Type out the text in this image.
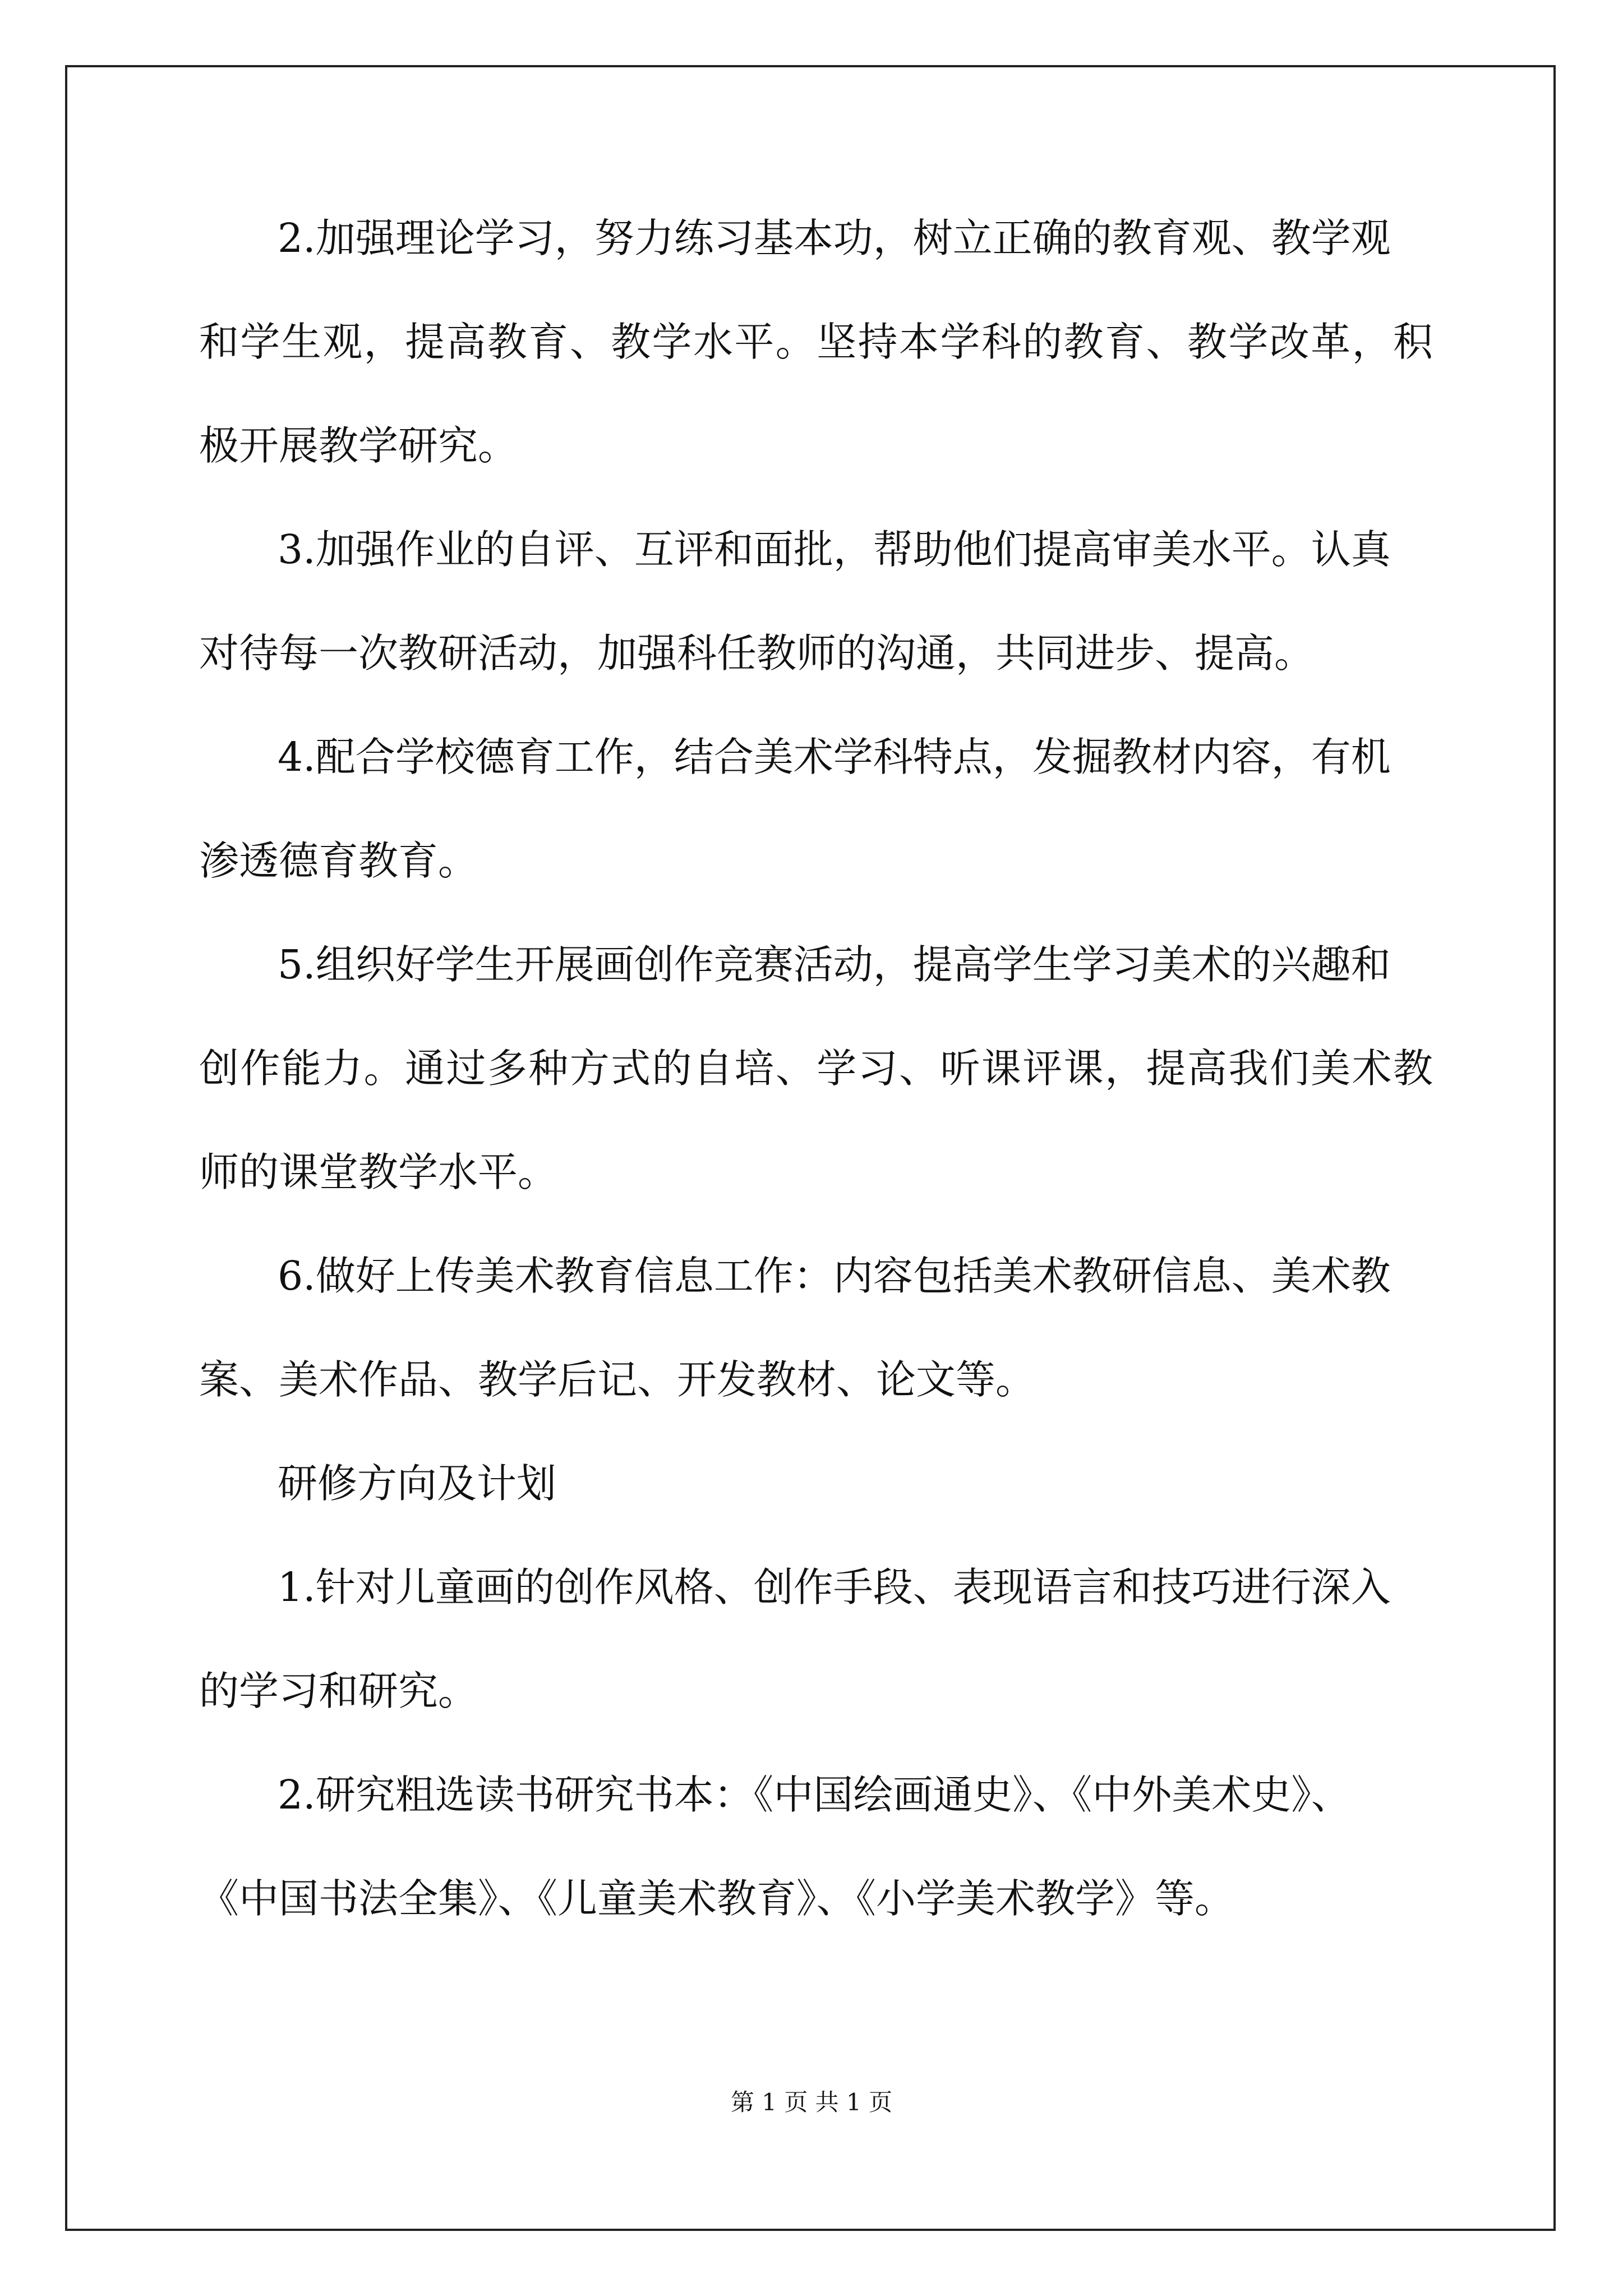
2.加强理论学习，努力练习基本功，树立正确的教育观、教学观
和学生观，提高教育、教学水平。坚持本学科的教育、教学改革，积
极开展教学研究。
3.加强作业的自评、互评和面批，帮助他们提高审美水平。认真
对待每一次教研活动，加强科任教师的沟通，共同进步、提高。
4.配合学校德育工作，结合美术学科特点，发掘教材内容，有机
渗透德育教育。
5.组织好学生开展画创作竞赛活动，提高学生学习美术的兴趣和
创作能力。通过多种方式的自培、学习、听课评课，提高我们美术教
师的课堂教学水平。
6.做好上传美术教育信息工作：内容包括美术教研信息、美术教
案、美术作品、教学后记、开发教材、论文等。
研修方向及计划
1.针对儿童画的创作风格、创作手段、表现语言和技巧进行深入
的学习和研究。
2.研究粗选读书研究书本：《中国绘画通史》、《中外美术史》、
《中国书法全集》、《儿童美术教育》、《小学美术教学》等。
第 1 页 共 1 页
